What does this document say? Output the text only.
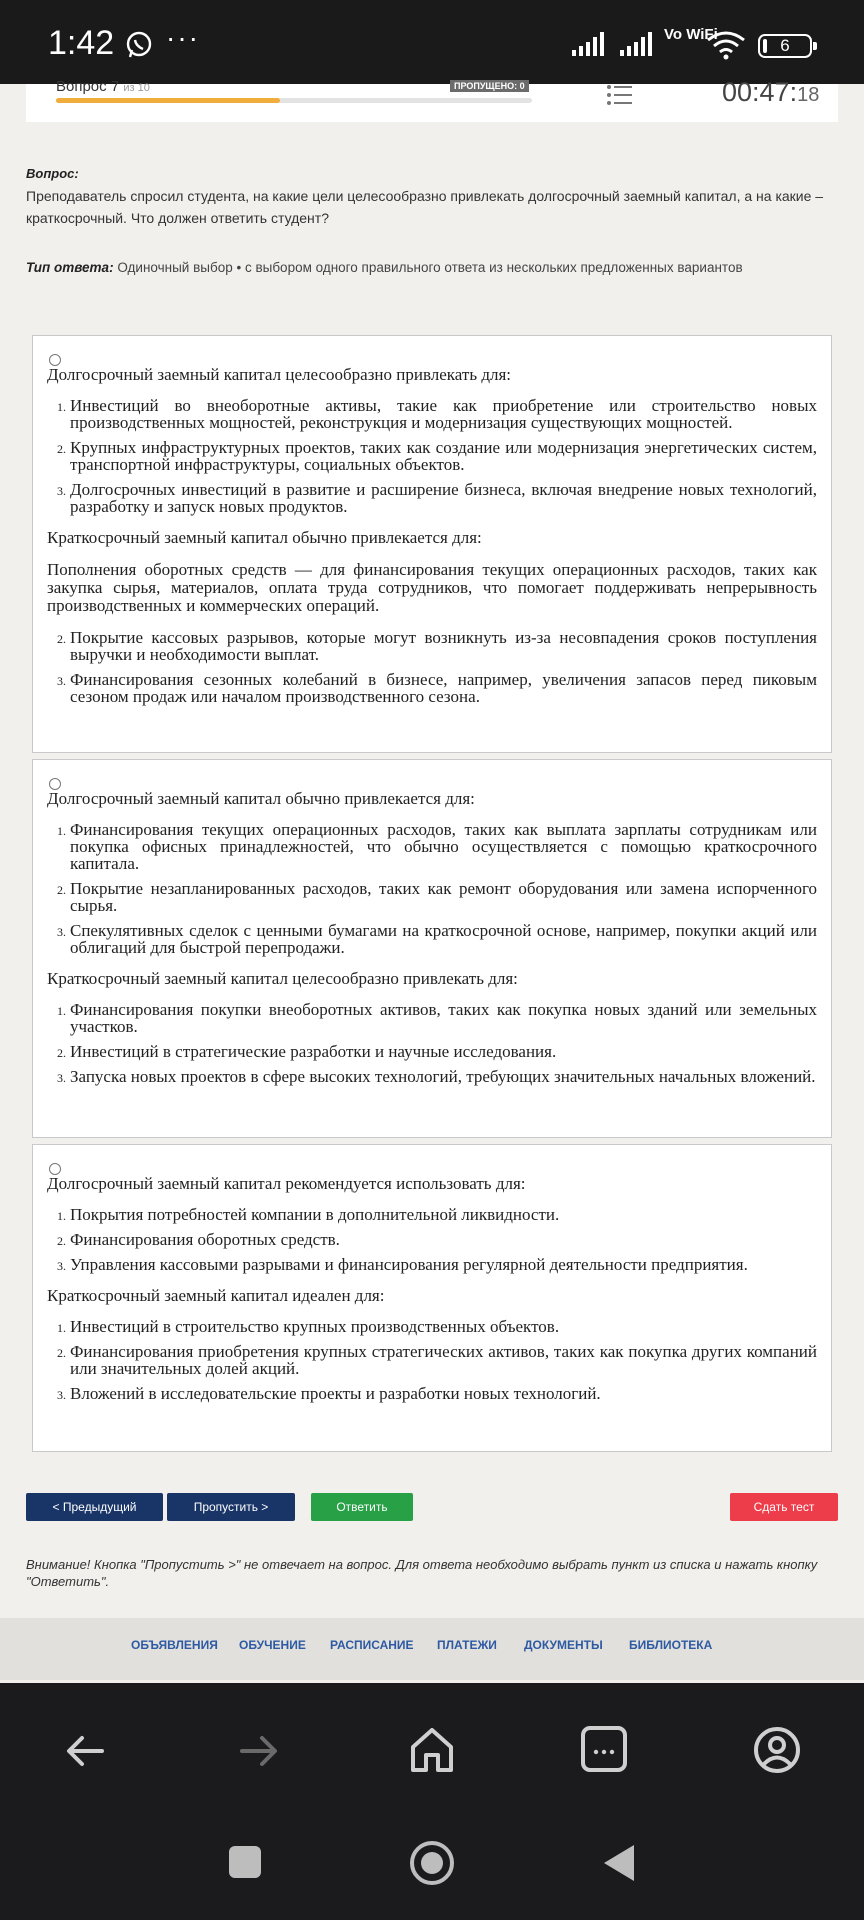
1:42 ···	Vo WiFi
6
Вопрос 7 из 10	ПРОПУЩЕНО: 0	00:47:18
Вопрос:
Преподаватель спросил студента, на какие цели целесообразно привлекать долгосрочный заемный капитал, а на какие – краткосрочный. Что должен ответить студент?
Тип ответа: Одиночный выбор • с выбором одного правильного ответа из нескольких предложенных вариантов

Долгосрочный заемный капитал целесообразно привлекать для:

1. Инвестиций во внеоборотные активы, такие как приобретение или строительство новых производственных мощностей, реконструкция и модернизация существующих мощностей.
2. Крупных инфраструктурных проектов, таких как создание или модернизация энергетических систем, транспортной инфраструктуры, социальных объектов.
3. Долгосрочных инвестиций в развитие и расширение бизнеса, включая внедрение новых технологий, разработку и запуск новых продуктов.

Краткосрочный заемный капитал обычно привлекается для:

Пополнения оборотных средств — для финансирования текущих операционных расходов, таких как закупка сырья, материалов, оплата труда сотрудников, что помогает поддерживать непрерывность производственных и коммерческих операций.

2. Покрытие кассовых разрывов, которые могут возникнуть из-за несовпадения сроков поступления выручки и необходимости выплат.
3. Финансирования сезонных колебаний в бизнесе, например, увеличения запасов перед пиковым сезоном продаж или началом производственного сезона.

Долгосрочный заемный капитал обычно привлекается для:

1. Финансирования текущих операционных расходов, таких как выплата зарплаты сотрудникам или покупка офисных принадлежностей, что обычно осуществляется с помощью краткосрочного капитала.
2. Покрытие незапланированных расходов, таких как ремонт оборудования или замена испорченного сырья.
3. Спекулятивных сделок с ценными бумагами на краткосрочной основе, например, покупки акций или облигаций для быстрой перепродажи.

Краткосрочный заемный капитал целесообразно привлекать для:

1. Финансирования покупки внеоборотных активов, таких как покупка новых зданий или земельных участков.
2. Инвестиций в стратегические разработки и научные исследования.
3. Запуска новых проектов в сфере высоких технологий, требующих значительных начальных вложений.

Долгосрочный заемный капитал рекомендуется использовать для:

1. Покрытия потребностей компании в дополнительной ликвидности.
2. Финансирования оборотных средств.
3. Управления кассовыми разрывами и финансирования регулярной деятельности предприятия.

Краткосрочный заемный капитал идеален для:

1. Инвестиций в строительство крупных производственных объектов.
2. Финансирования приобретения крупных стратегических активов, таких как покупка других компаний или значительных долей акций.
3. Вложений в исследовательские проекты и разработки новых технологий.
< Предыдущий	Пропустить >	Ответить	Сдать тест
Внимание! Кнопка "Пропустить >" не отвечает на вопрос. Для ответа необходимо выбрать пункт из списка и нажать кнопку "Ответить".
ОБЪЯВЛЕНИЯ ОБУЧЕНИЕ РАСПИСАНИЕ ПЛАТЕЖИ ДОКУМЕНТЫ БИБЛИОТЕКА
